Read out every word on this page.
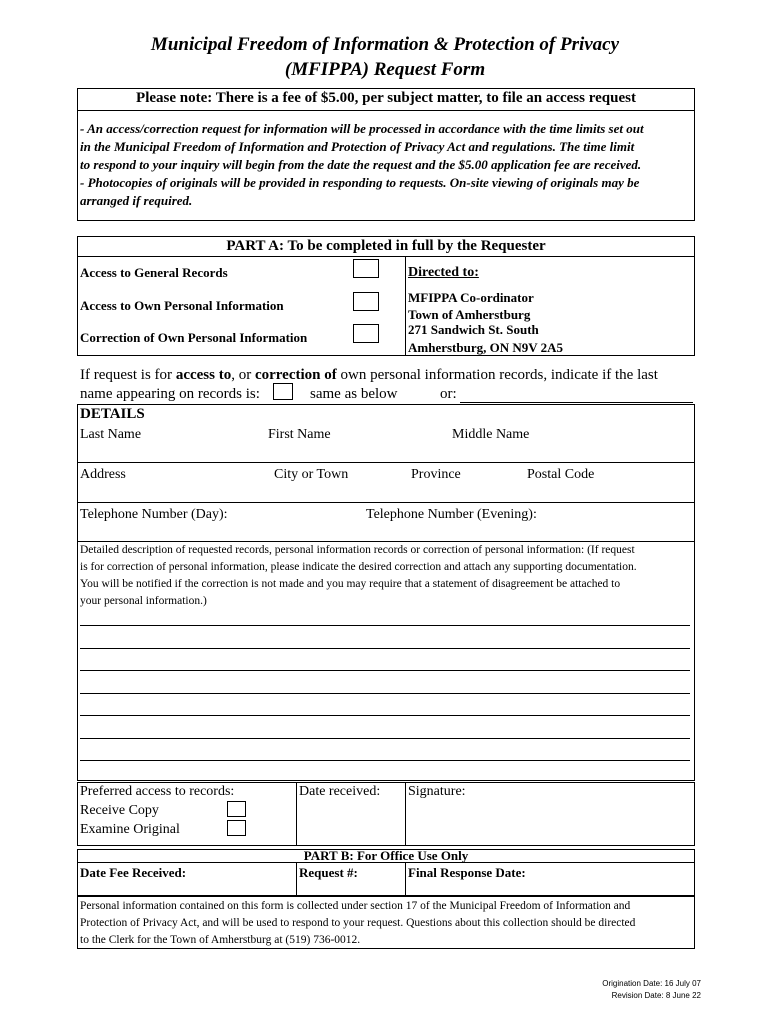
Municipal Freedom of Information & Protection of Privacy
(MFIPPA) Request Form
Please note: There is a fee of $5.00, per subject matter, to file an access request
- An access/correction request for information will be processed in accordance with the time limits set out
in the Municipal Freedom of Information and Protection of Privacy Act and regulations. The time limit
to respond to your inquiry will begin from the date the request and the $5.00 application fee are received.
- Photocopies of originals will be provided in responding to requests. On-site viewing of originals may be
arranged if required.
PART A: To be completed in full by the Requester
Access to General Records
Access to Own Personal Information
Correction of Own Personal Information
Directed to:
MFIPPA Co-ordinator
Town of Amherstburg
271 Sandwich St. South
Amherstburg, ON N9V 2A5
If request is for access to, or correction of own personal information records, indicate if the last
name appearing on records is:	same as below	or:
DETAILS
Last Name	First Name	Middle Name
Address	City or Town	Province	Postal Code
Telephone Number (Day):	Telephone Number (Evening):
Detailed description of requested records, personal information records or correction of personal information: (If request
is for correction of personal information, please indicate the desired correction and attach any supporting documentation.
You will be notified if the correction is not made and you may require that a statement of disagreement be attached to
your personal information.)
Preferred access to records:
Receive Copy
Examine Original
Date received: Signature:
PART B: For Office Use Only
Date Fee Received:	Request #:	Final Response Date:
Personal information contained on this form is collected under section 17 of the Municipal Freedom of Information and
Protection of Privacy Act, and will be used to respond to your request. Questions about this collection should be directed
to the Clerk for the Town of Amherstburg at (519) 736-0012.
Origination Date: 16 July 07
Revision Date: 8 June 22
